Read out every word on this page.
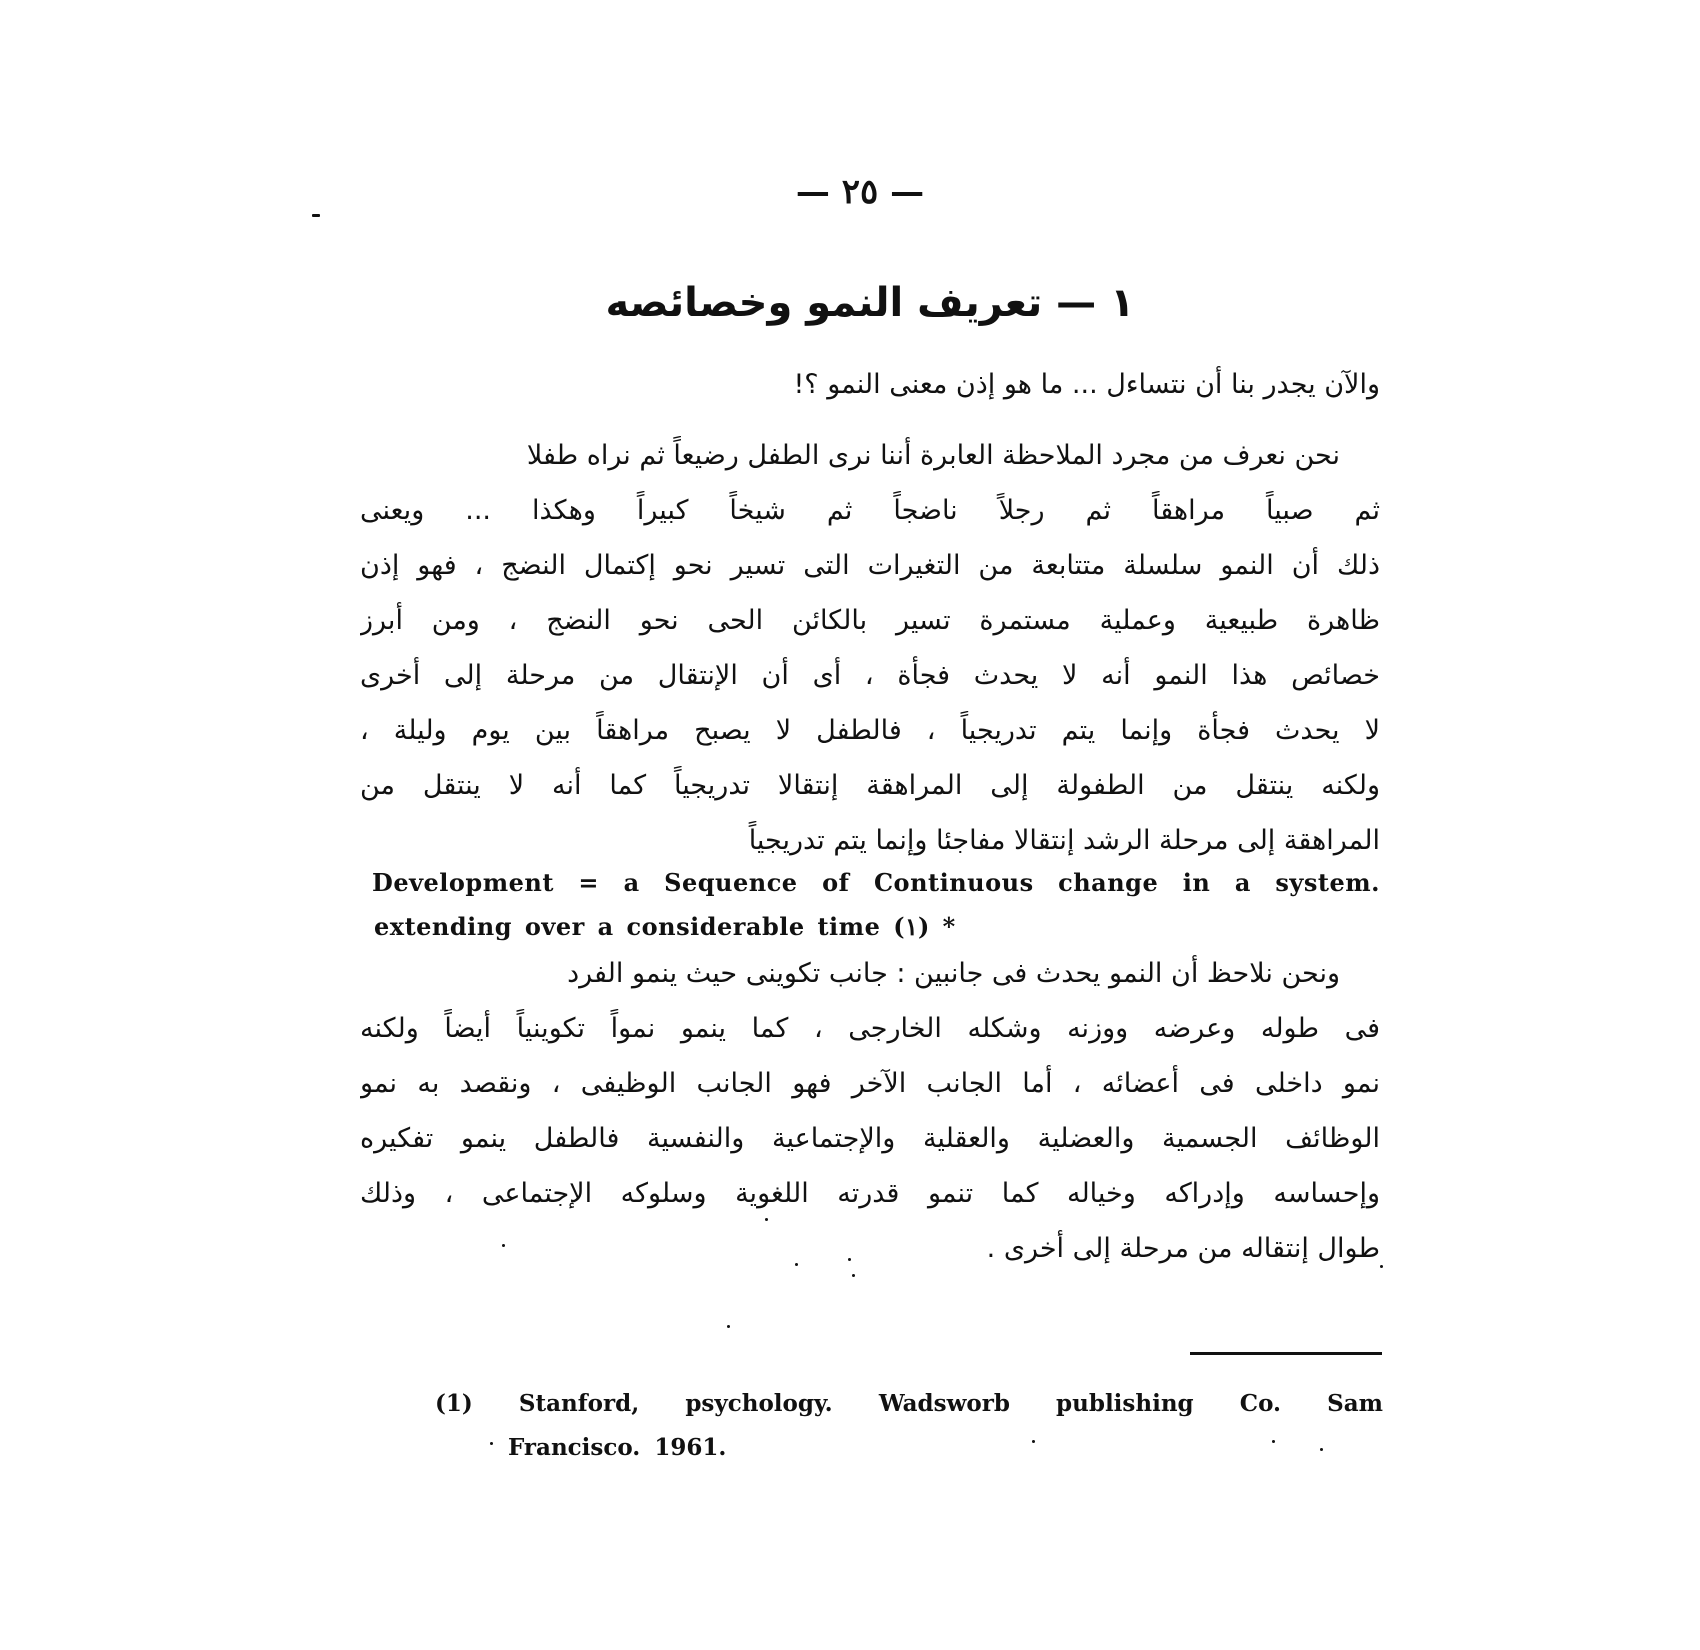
— ٢٥ —
١ — تعريف النمو وخصائصه
والآن يجدر بنا أن نتساءل ... ما هو إذن معنى النمو ؟!
نحن نعرف من مجرد الملاحظة العابرة أننا نرى الطفل رضيعاً ثم نراه طفلا
ثم صبياً مراهقاً ثم رجلاً ناضجاً ثم شيخاً كبيراً وهكذا ... ويعنى
ذلك أن النمو سلسلة متتابعة من التغيرات التى تسير نحو إكتمال النضج ، فهو إذن
ظاهرة طبيعية وعملية مستمرة تسير بالكائن الحى نحو النضج ، ومن أبرز
خصائص هذا النمو أنه لا يحدث فجأة ، أى أن الإنتقال من مرحلة إلى أخرى
لا يحدث فجأة وإنما يتم تدريجياً ، فالطفل لا يصبح مراهقاً بين يوم وليلة ،
ولكنه ينتقل من الطفولة إلى المراهقة إنتقالا تدريجياً كما أنه لا ينتقل من
المراهقة إلى مرحلة الرشد إنتقالا مفاجئا وإنما يتم تدريجياً
Development = a Sequence of Continuous change in a system.
extending over a considerable time (١) *
ونحن نلاحظ أن النمو يحدث فى جانبين : جانب تكوينى حيث ينمو الفرد
فى طوله وعرضه ووزنه وشكله الخارجى ، كما ينمو نمواً تكوينياً أيضاً ولكنه
نمو داخلى فى أعضائه ، أما الجانب الآخر فهو الجانب الوظيفى ، ونقصد به نمو
الوظائف الجسمية والعضلية والعقلية والإجتماعية والنفسية فالطفل ينمو تفكيره
وإحساسه وإدراكه وخياله كما تنمو قدرته اللغوية وسلوكه الإجتماعى ، وذلك
طوال إنتقاله من مرحلة إلى أخرى .
(1) Stanford, psychology. Wadsworb publishing Co. Sam
Francisco. 1961.
